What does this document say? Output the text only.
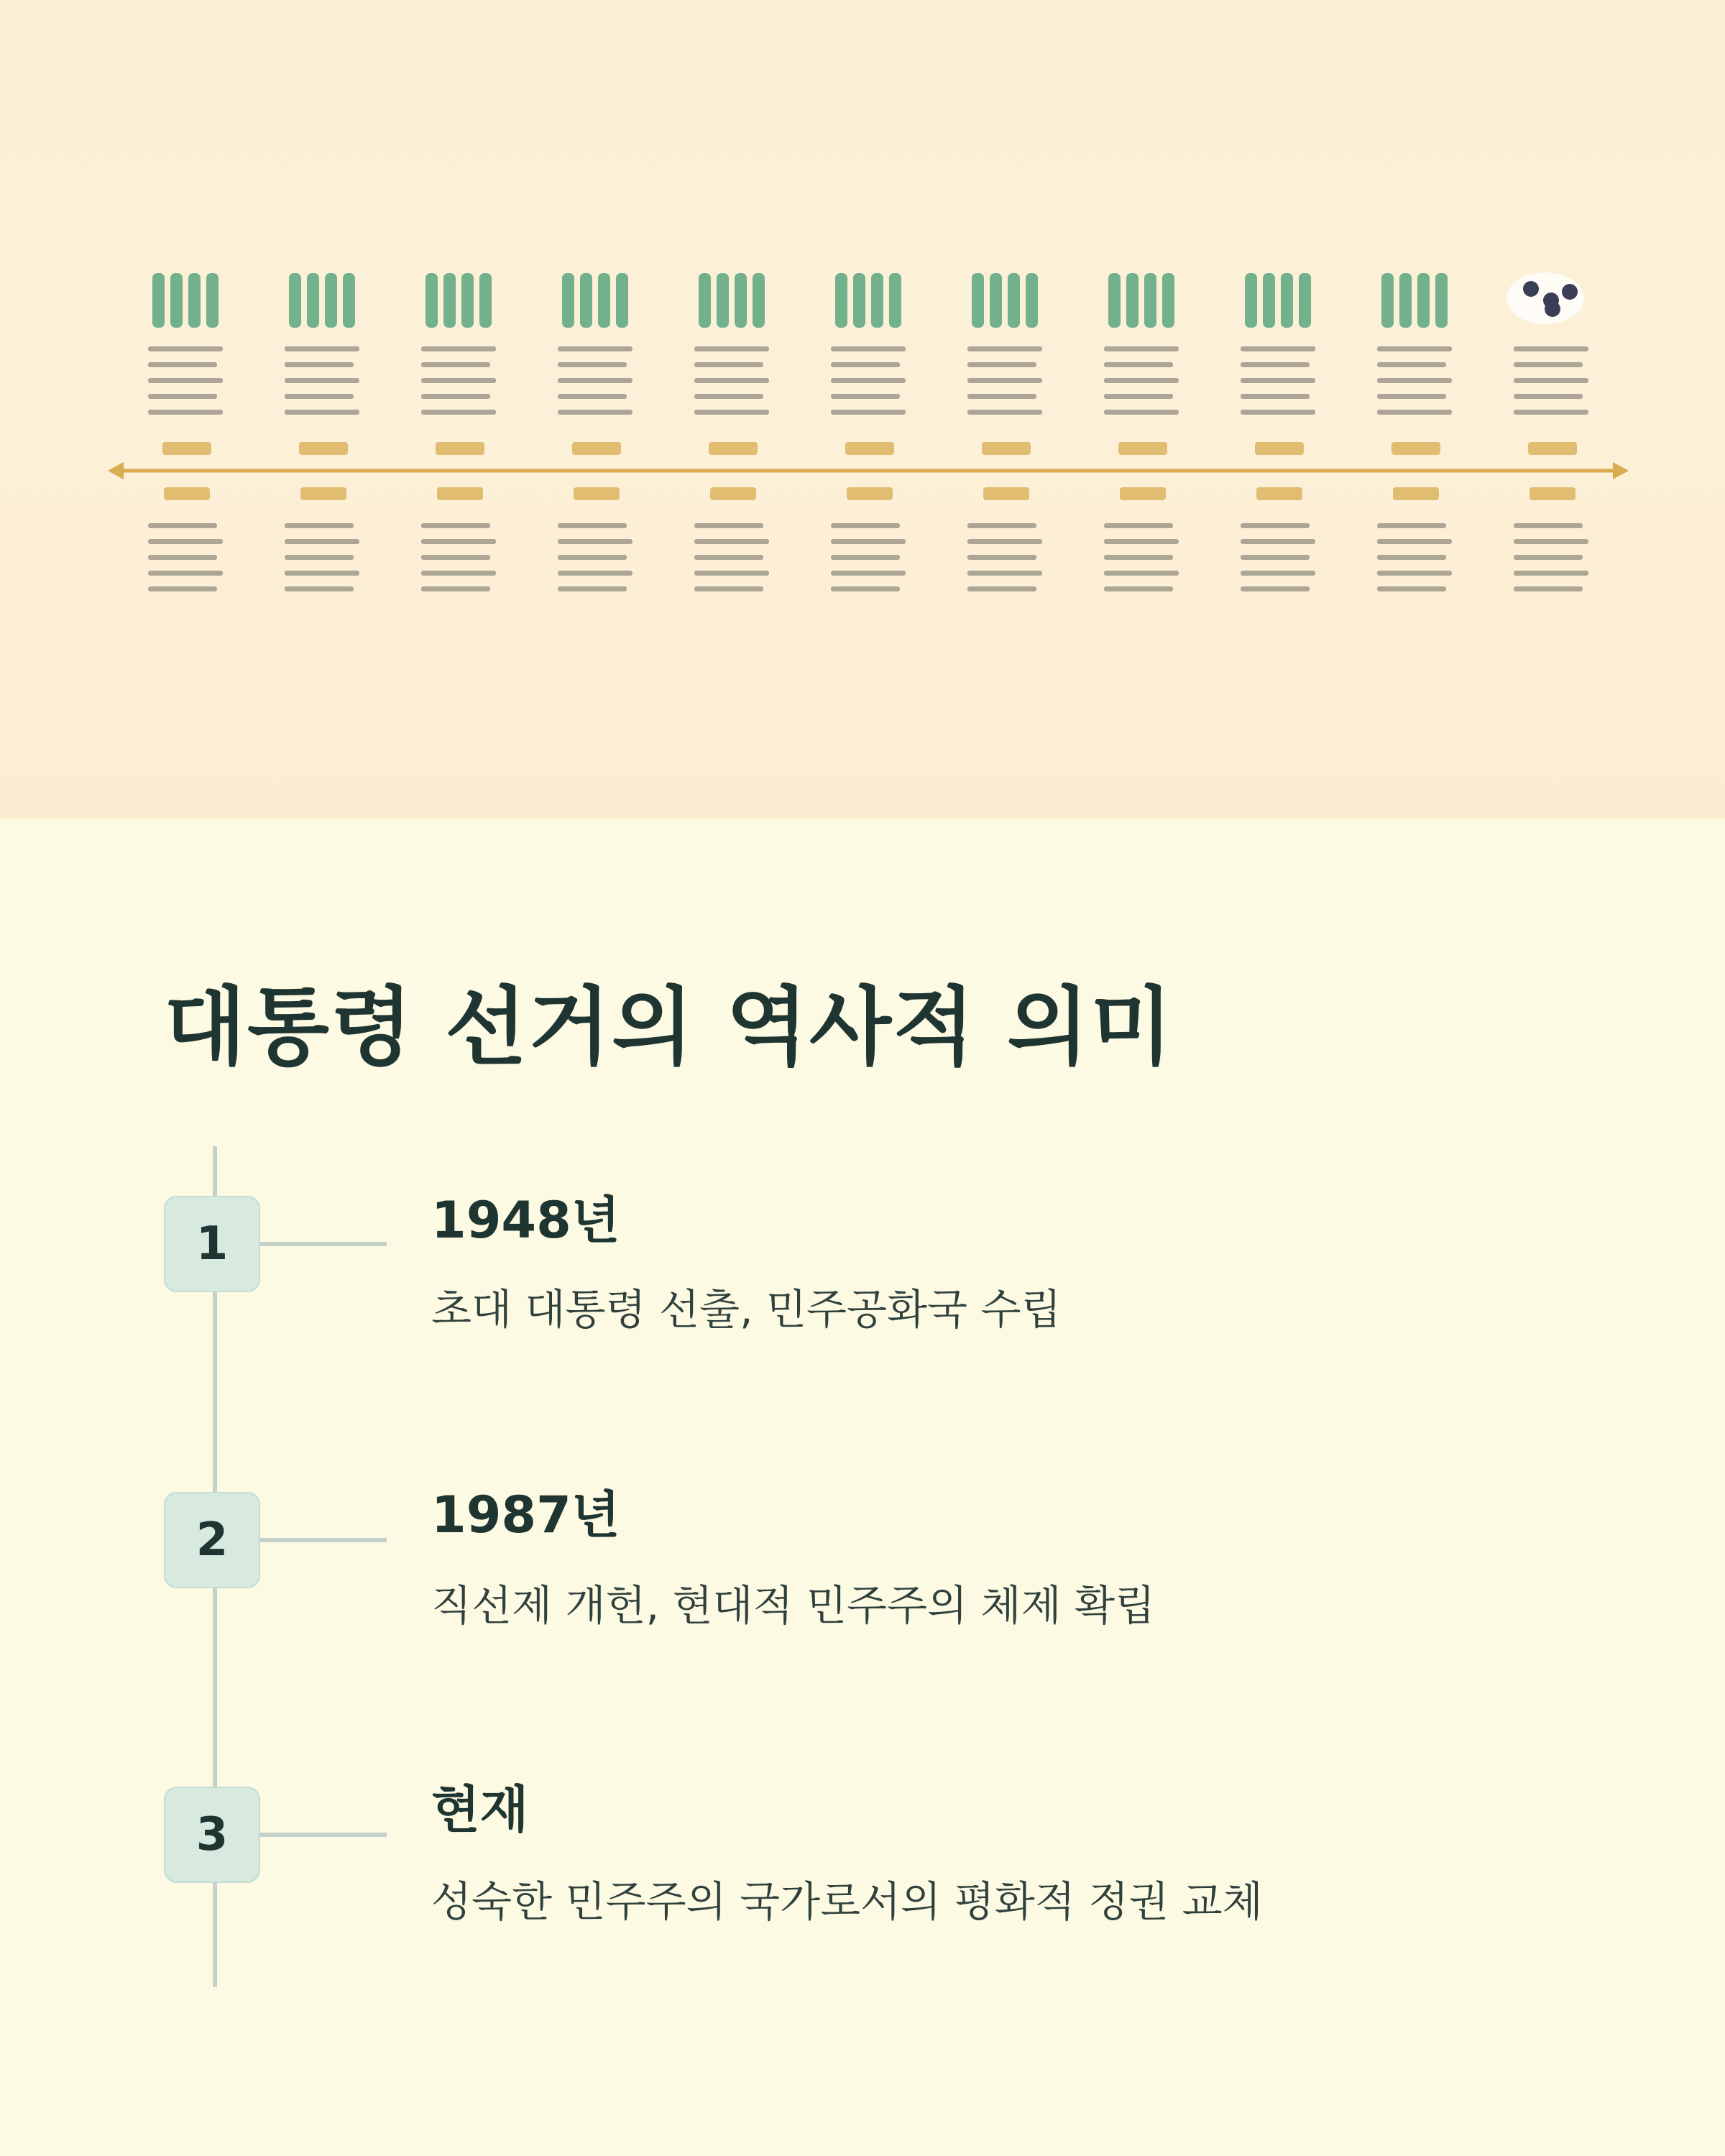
대통령 선거의 역사적 의미
1	1948년

초대 대통령 선출, 민주공화국 수립

2	1987년

직선제 개헌, 현대적 민주주의 체제 확립

3	현재

성숙한 민주주의 국가로서의 평화적 정권 교체
